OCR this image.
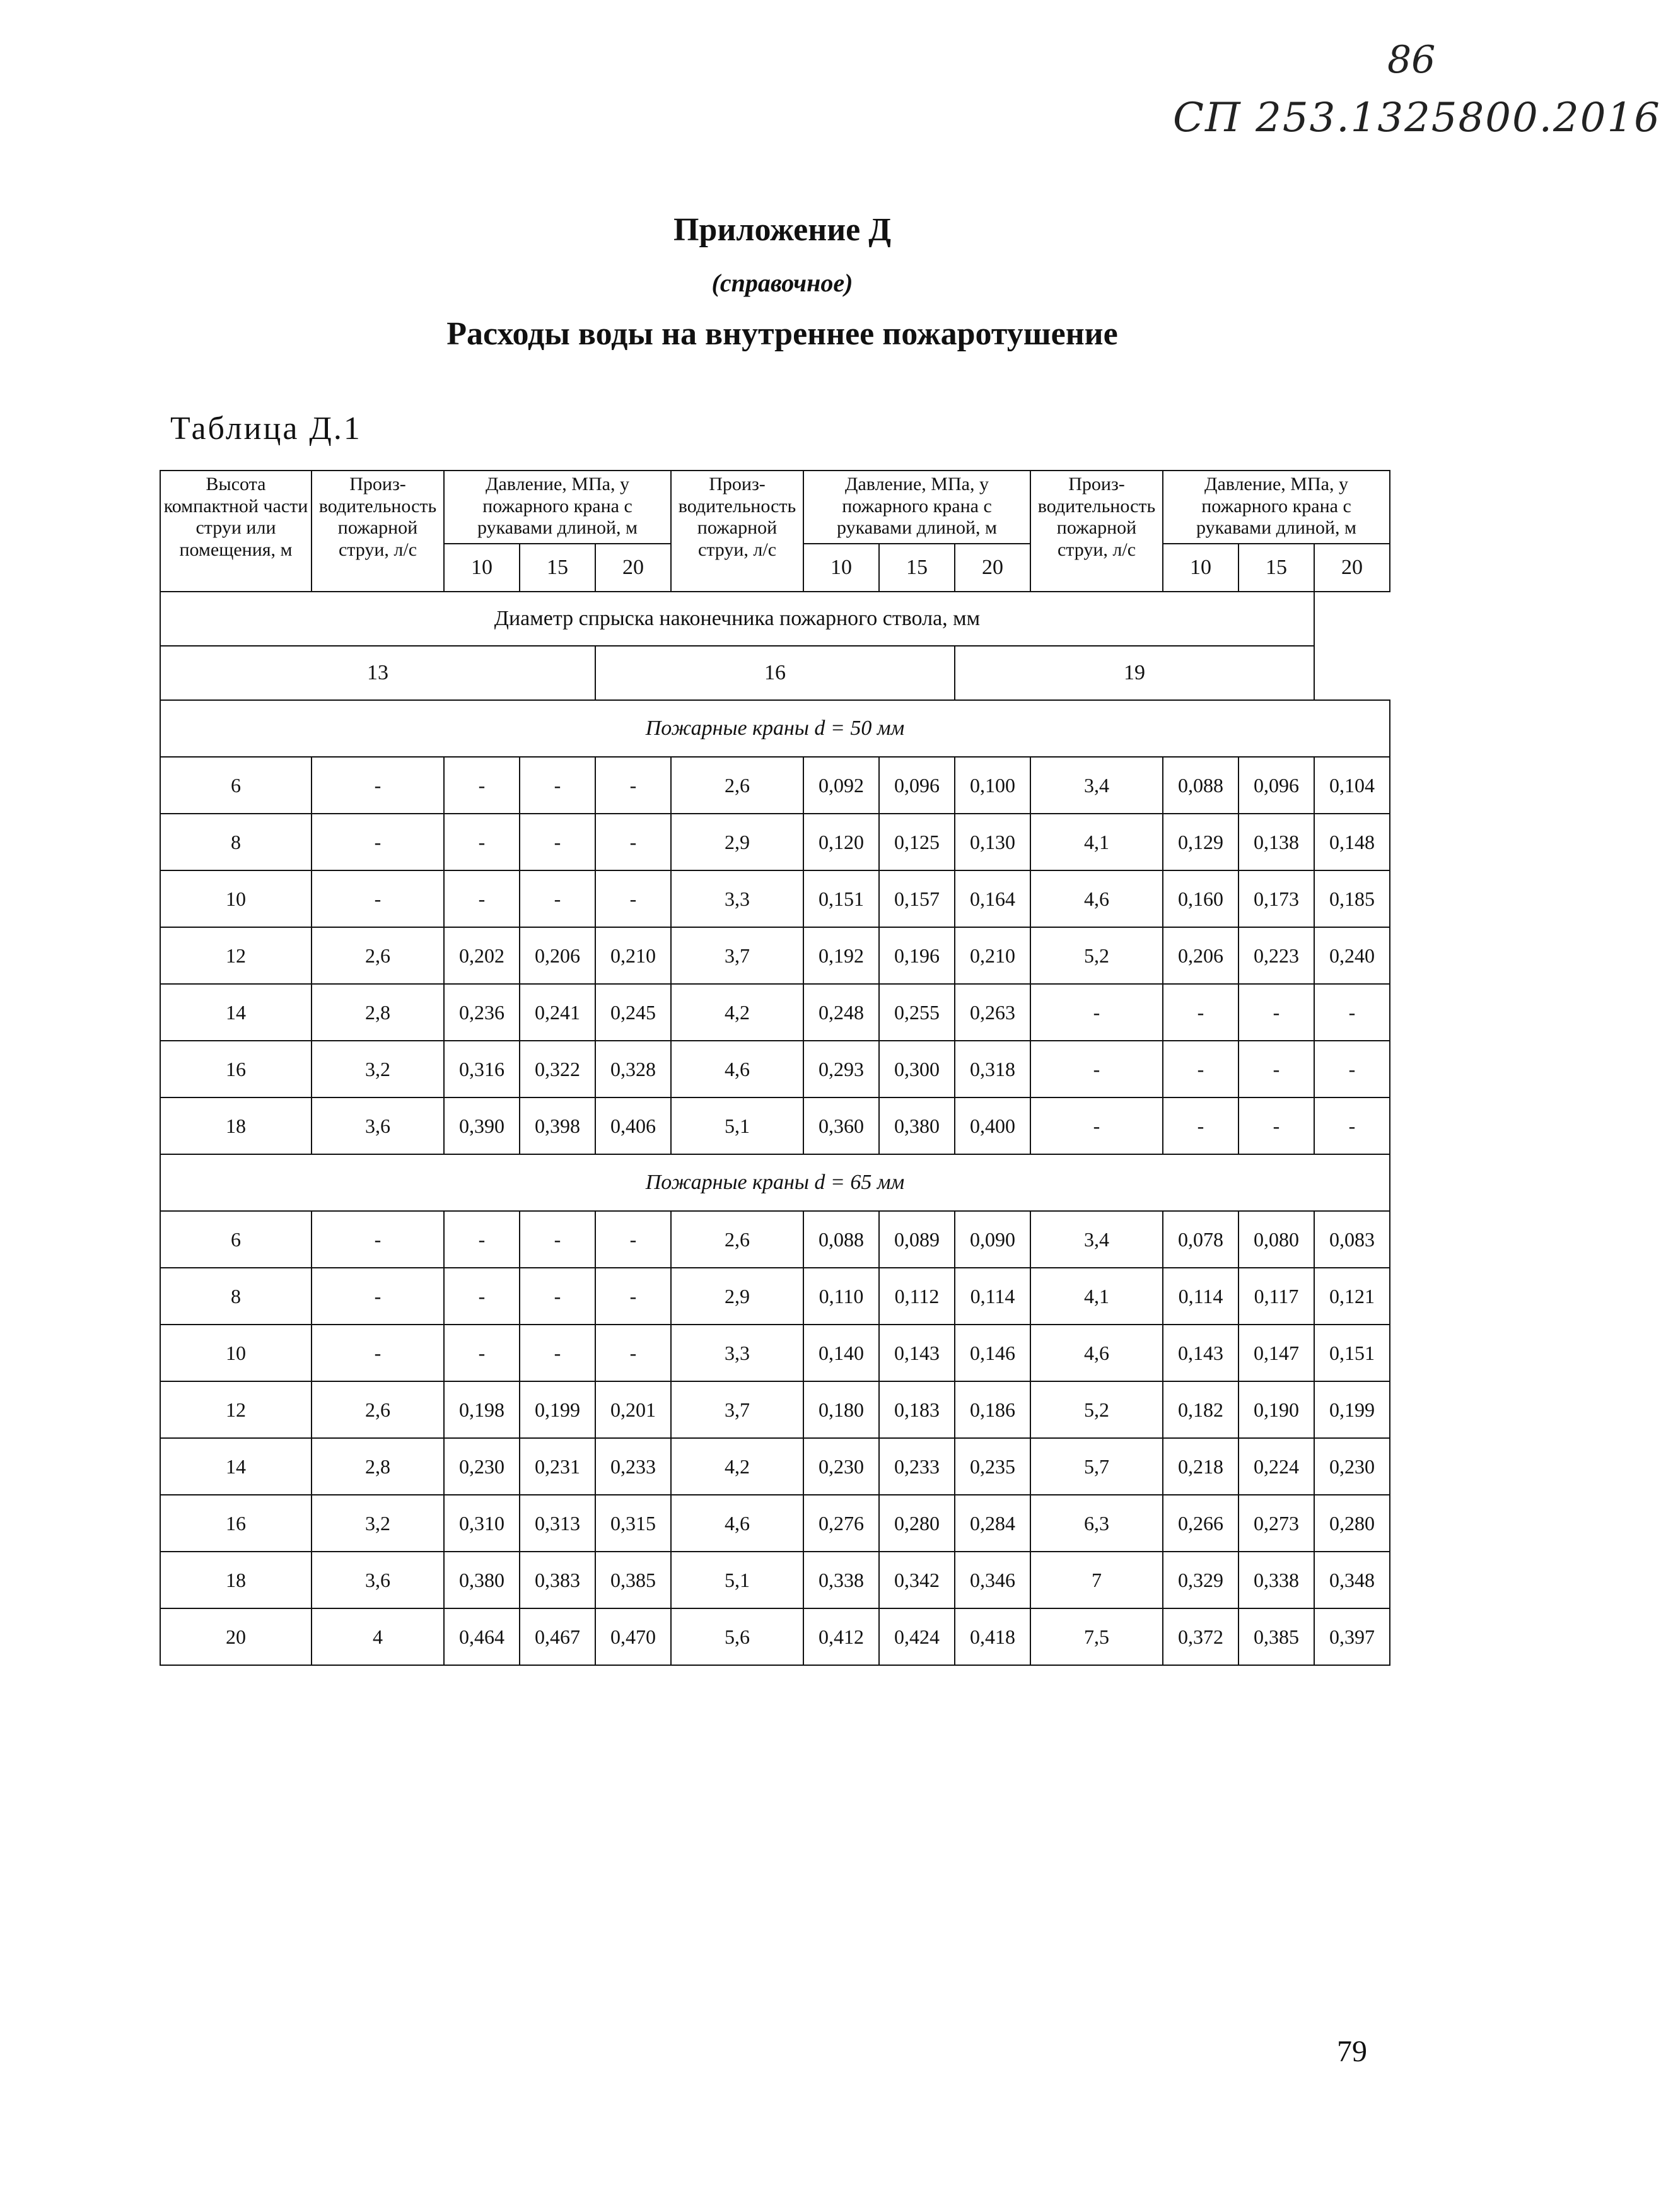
86
СП 253.1325800.2016
Приложение Д
(справочное)
Расходы воды на внутреннее пожаротушение
Таблица Д.1
Высота компактной части струи или помещения, м	Произ-водительность пожарной струи, л/с	Давление, МПа, у пожарного крана с рукавами длиной, м			Произ-водительность пожарной струи, л/с	Давление, МПа, у пожарного крана с рукавами длиной, м			Произ-водительность пожарной струи, л/с	Давление, МПа, у пожарного крана с рукавами длиной, м		
		10	15	20		10	15	20		10	15	20
Диаметр спрыска наконечника пожарного ствола, мм												
13				16				19				
Пожарные краны d = 50 мм												
6	-	-	-	-	2,6	0,092	0,096	0,100	3,4	0,088	0,096	0,104
8	-	-	-	-	2,9	0,120	0,125	0,130	4,1	0,129	0,138	0,148
10	-	-	-	-	3,3	0,151	0,157	0,164	4,6	0,160	0,173	0,185
12	2,6	0,202	0,206	0,210	3,7	0,192	0,196	0,210	5,2	0,206	0,223	0,240
14	2,8	0,236	0,241	0,245	4,2	0,248	0,255	0,263	-	-	-	-
16	3,2	0,316	0,322	0,328	4,6	0,293	0,300	0,318	-	-	-	-
18	3,6	0,390	0,398	0,406	5,1	0,360	0,380	0,400	-	-	-	-
Пожарные краны d = 65 мм												
6	-	-	-	-	2,6	0,088	0,089	0,090	3,4	0,078	0,080	0,083
8	-	-	-	-	2,9	0,110	0,112	0,114	4,1	0,114	0,117	0,121
10	-	-	-	-	3,3	0,140	0,143	0,146	4,6	0,143	0,147	0,151
12	2,6	0,198	0,199	0,201	3,7	0,180	0,183	0,186	5,2	0,182	0,190	0,199
14	2,8	0,230	0,231	0,233	4,2	0,230	0,233	0,235	5,7	0,218	0,224	0,230
16	3,2	0,310	0,313	0,315	4,6	0,276	0,280	0,284	6,3	0,266	0,273	0,280
18	3,6	0,380	0,383	0,385	5,1	0,338	0,342	0,346	7	0,329	0,338	0,348
20	4	0,464	0,467	0,470	5,6	0,412	0,424	0,418	7,5	0,372	0,385	0,397
79
